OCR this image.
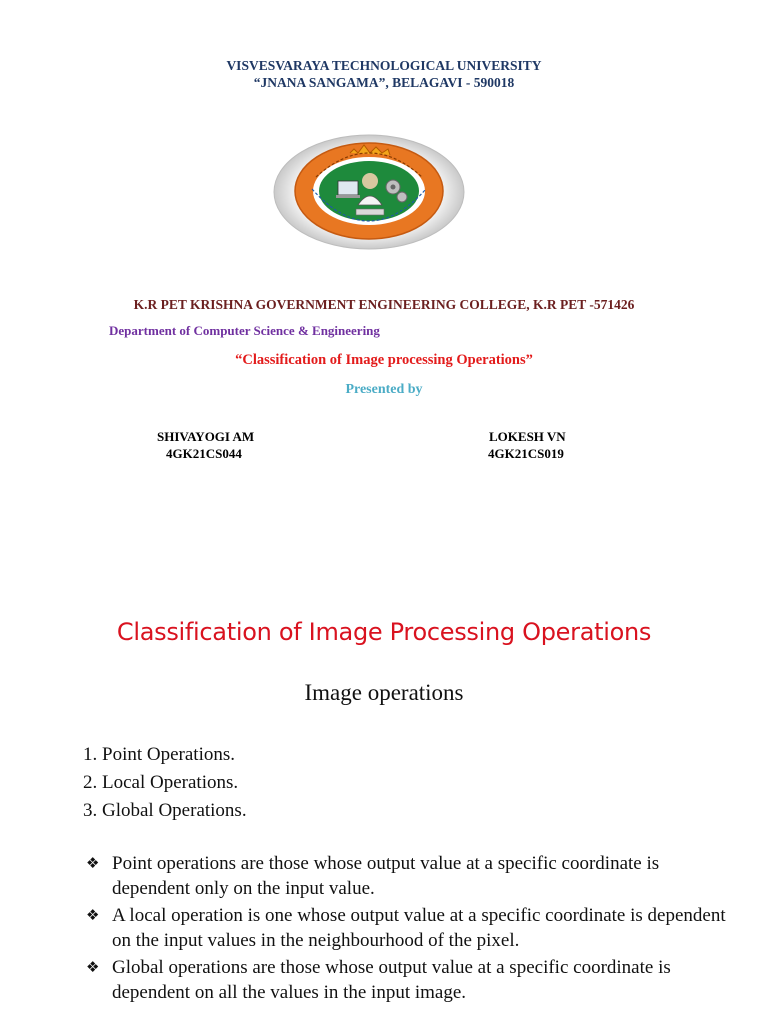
VISVESVARAYA TECHNOLOGICAL UNIVERSITY
“JNANA SANGAMA”, BELAGAVI - 590018
K.R PET KRISHNA GOVERNMENT ENGINEERING COLLEGE, K.R PET -571426
Department of Computer Science & Engineering
“Classification of Image processing Operations”
Presented by
SHIVAYOGI AM
4GK21CS044
LOKESH VN
4GK21CS019
Classification of Image Processing Operations
Image operations
1. Point Operations.
2. Local Operations.
3. Global Operations.
❖ Point operations are those whose output value at a specific coordinate is dependent only on the input value.
❖ A local operation is one whose output value at a specific coordinate is dependent on the input values in the neighbourhood of the pixel.
❖ Global operations are those whose output value at a specific coordinate is dependent on all the values in the input image.
